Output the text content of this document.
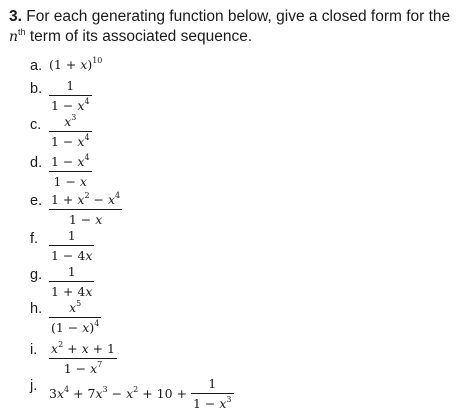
3. For each generating function below, give a closed form for the $n^{th}$ term of its associated sequence.
a. $(1 + x)^{10}$
b. $\frac{1}{1 - x^4}$
c. $\frac{x^3}{1 - x^4}$
d. $\frac{1 - x^4}{1 - x}$
e. $\frac{1 + x^2 - x^4}{1 - x}$
f. $\frac{1}{1 - 4x}$
g. $\frac{1}{1 + 4x}$
h. $\frac{x^5}{(1 - x)^4}$
i. $\frac{x^2 + x + 1}{1 - x^7}$
j. $3x^4 + 7x^3 - x^2 + 10 + \frac{1}{1 - x^3}$
